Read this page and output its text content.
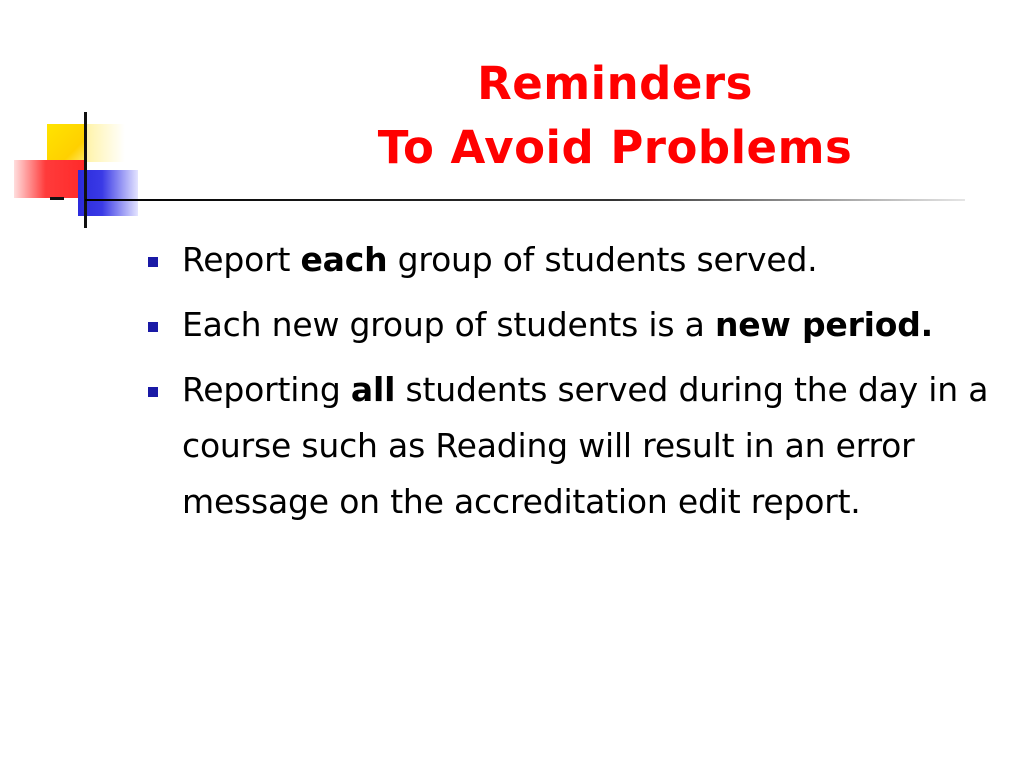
Reminders
To Avoid Problems
Report each group of students served.
Each new group of students is a new period.
Reporting all students served during the day in a course such as Reading will result in an error message on the accreditation edit report.
